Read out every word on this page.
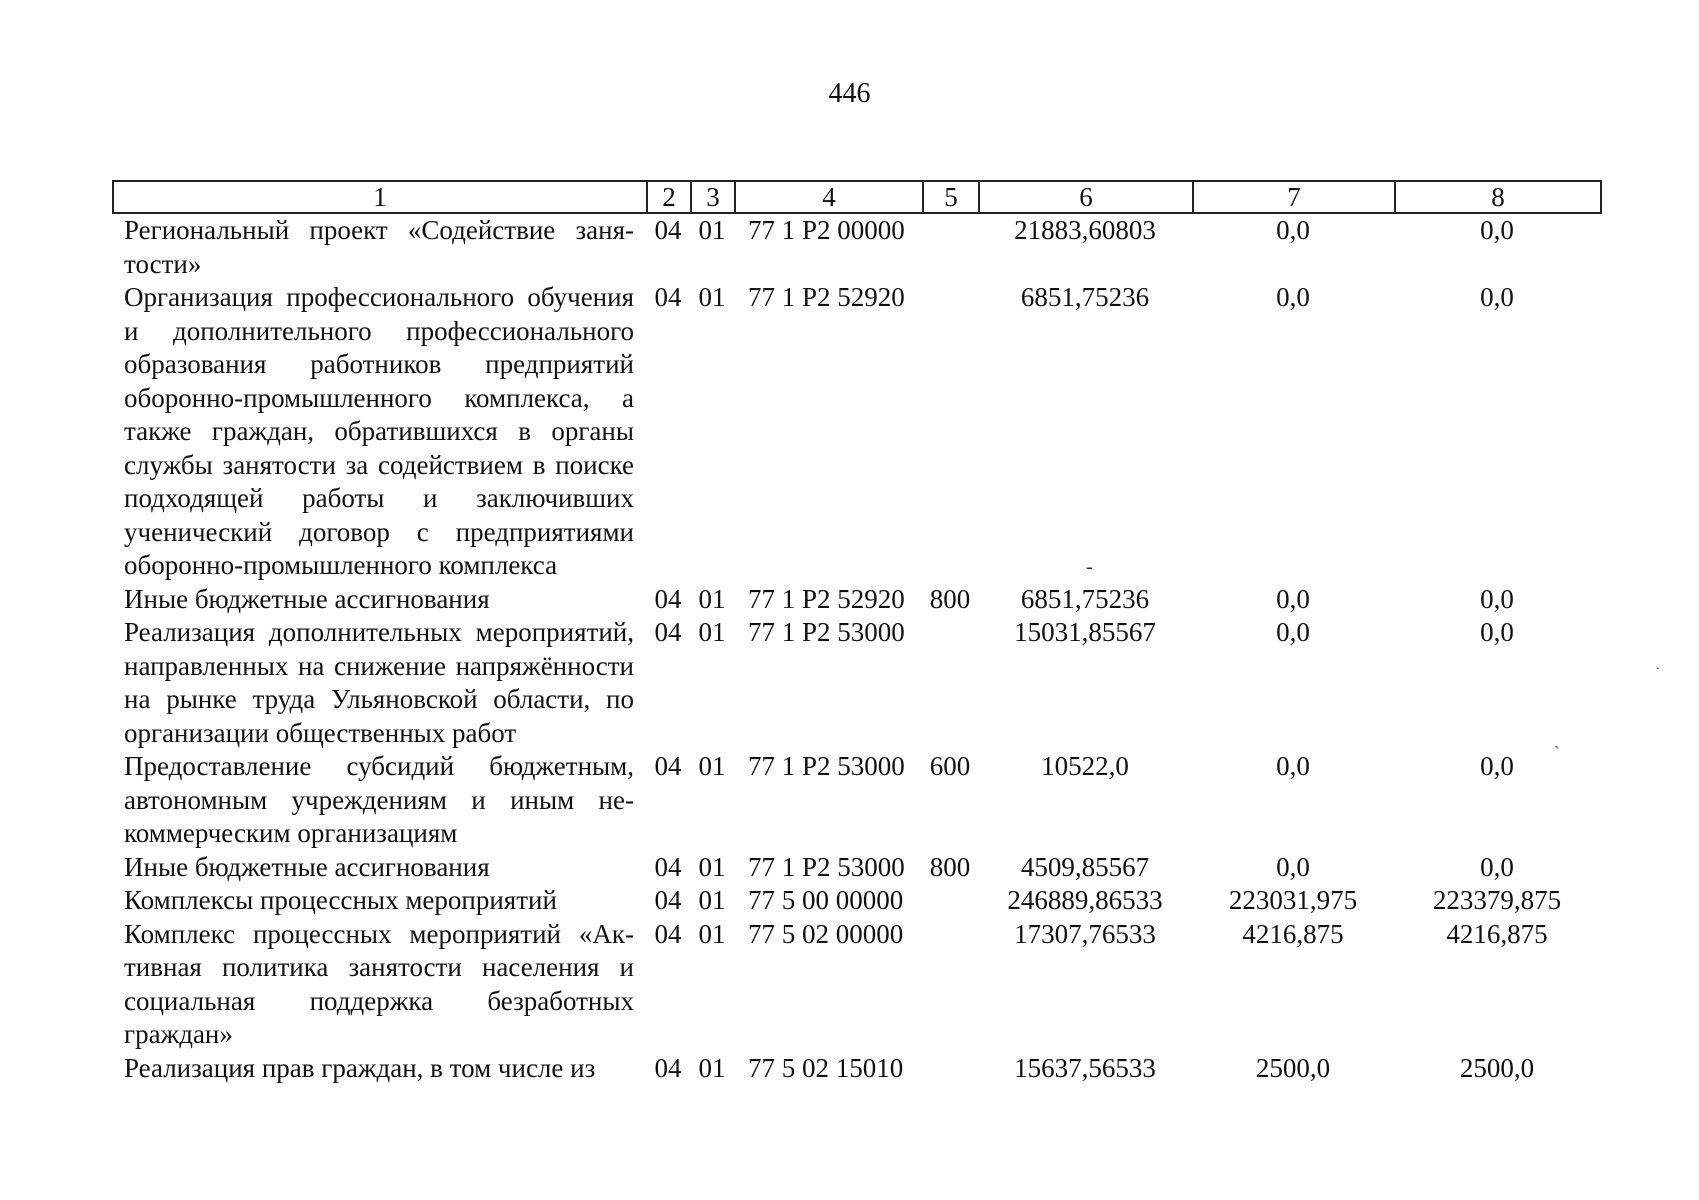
446
1	2	3	4	5	6	7	8
Региональный проект «Содействие занятости»	04	01	77 1 Р2 00000		21883,60803	0,0	0,0
Организация профессионального обучения и дополнительного профессионального образования работников предприятий оборонно-промышленного комплекса, а также граждан, обратившихся в органы службы занятости за содействием в поиске подходящей работы и заключивших ученический договор с предприятиями оборонно-промышленного комплекса	04	01	77 1 Р2 52920		6851,75236	0,0	0,0
Иные бюджетные ассигнования	04	01	77 1 Р2 52920	800	6851,75236	0,0	0,0
Реализация дополнительных мероприятий, направленных на снижение напряжённости на рынке труда Ульяновской области, по организации общественных работ	04	01	77 1 Р2 53000		15031,85567	0,0	0,0
Предоставление субсидий бюджетным, автономным учреждениям и иным некоммерческим организациям	04	01	77 1 Р2 53000	600	10522,0	0,0	0,0
Иные бюджетные ассигнования	04	01	77 1 Р2 53000	800	4509,85567	0,0	0,0
Комплексы процессных мероприятий	04	01	77 5 00 00000		246889,86533	223031,975	223379,875
Комплекс процессных мероприятий «Активная политика занятости населения и социальная поддержка безработных граждан»	04	01	77 5 02 00000		17307,76533	4216,875	4216,875
Реализация прав граждан, в том числе из	04	01	77 5 02 15010		15637,56533	2500,0	2500,0
-
.
`
